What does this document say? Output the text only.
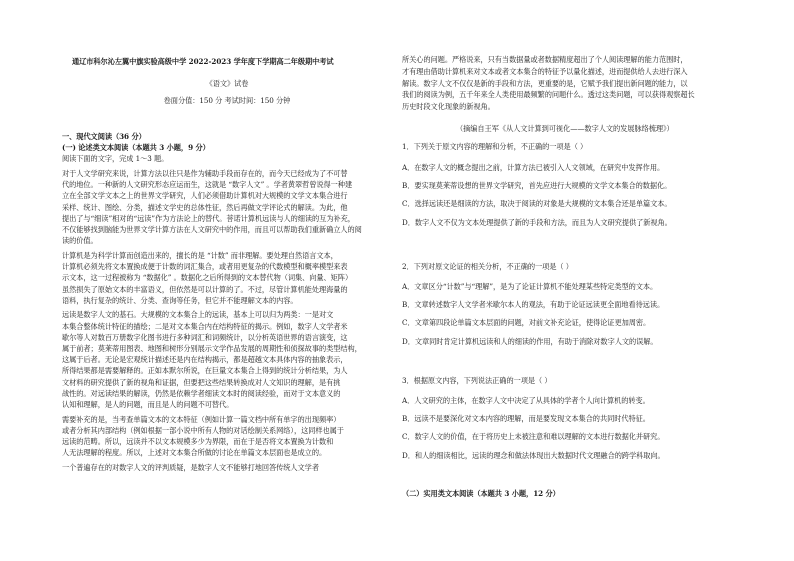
通辽市科尔沁左翼中旗实验高级中学 2022-2023 学年度下学期高二年级期中考试
《语文》试卷
卷面分值：150 分 考试时间：150 分钟
一、现代文阅读（36 分）
(一) 论述类文本阅读（本题共 3 小题，9 分）
阅读下面的文字，完成 1～3 题。
对于人文学研究来说，计算方法以往只是作为辅助手段而存在的，而今天已经成为了不可替
代的地位。一种新的人文研究形态应运而生，这就是 “数字人文” 。学者黄翠哲曾说得一种建
立在全部文学文本之上的世界文学研究，人们必须借助计算机对大规模的文学文本集合进行
采样、统计、图绘、分类，描述文学史的总体性征，然后再做文学评论式的解读。为此，他
提出了与“细读”相对的“远读”作为方法论上的替代。菩诺计算机远读与人的细读的互为补充，
不仅能够找到脑能为世界文学计算方法在人文研究中的作用，而且可以帮助我们重新确立人的阅
读的价值。
计算机是为科学计算而创造出来的，擅长的是 “计数” 而非理解。要处理自然语言文本，
计算机必须先将文本置换成便于计数的词汇集合，或者用更复杂的代数模型和概率模型来表
示文本，这一过程被称为 “数据化” 。数据化之后所得到的文本替代物（词集、向量、矩阵）
虽然损失了原始文本的丰富语义，但依然是可以计算的了。不过，尽管计算机能处理海量的
语料，执行复杂的统计、分类、查询等任务，但它并不能理解文本的内容。
远读是数字人文的基石。大规模的文本集合上的远读，基本上可以归为两类：一是对文
本集合整体统计特征的描绘；二是对文本集合内在结构特征的揭示。例如，数字人文学者米
歇尔等人对数百万册数字化图书进行多种词汇和词频统计，以分析英语世界的语言演变，这
属于前者；莫莱蒂用图表、地图和树形分别展示文学作品发展的周期性和侦探故事的类型结构，
这属于后者。无论是宏观统计描述还是内在结构揭示，都是超越文本具体内容的抽象表示，
所得结果都是需要解释的。正如本默尔所说，在巨量文本集合上得到的统计分析结果，为人
文材料的研究提供了新的视角和证据，但要把这些结果转换成对人文知识的理解，是有挑
战性的。对远读结果的解读，仍然是依赖学者细读文本时的阅读经验，而对于文本意义的
认知和理解，是人的问题，而且是人的问题不可替代。
需要补充的是，当考查单篇文本的文本特征（例如计算一篇文档中所有单字的出现频率）
或者分析其内部结构（例如根据一部小说中所有人物的对话绘制关系网络），这同样也属于
远读的范畴。所以，远读并不以文本规模多少为界限，而在于是否将文本置换为计数和
人无法理解的程度。所以，上述对文本集合所做的讨论在单篇文本层面也是成立的。
一个普遍存在的对数字人文的评判质疑，是数字人文不能够打地回答传统人文学者
所关心的问题。严格说来，只有当数据量或者数据精度超出了个人阅读理解的能力范围时，
才有理由借助计算机来对文本或者文本集合的特征予以量化描述，进而提供给人去进行深入
解读。数字人文不仅仅是新的手段和方法，更重要的是，它赋予我们提出新问题的能力，以
我们的阅读为例，五千年来全人类使用最频繁的问题什么。透过这类问题，可以获得观察超长
历史时段文化现象的新视角。
（摘编自王军《从人文计算到可视化——数字人文的发展脉络梳理》）
1．下列关于原文内容的理解和分析，不正确的一项是（ ）
A．在数字人文的概念提出之前，计算方法已被引入人文领域，在研究中发挥作用。
B．要实现莫莱蒂设想的世界文学研究，首先应进行大规模的文学文本集合的数据化。
C．选择远读还是细读的方法，取决于阅读的对象是大规模的文本集合还是单篇文本。
D．数字人文不仅为文本处理提供了新的手段和方法，而且为人文研究提供了新视角。
2．下列对原文论证的相关分析，不正确的一项是（ ）
A．文章区分“计数”与“理解”，是为了论证计算机不能处理某些特定类型的文本。
B．文章转述数字人文学者米歇尔本人的观法，有助于论证远读更全面地看待远读。
C．文章第四段论单篇文本层面的问题，对前文补充论证，使得论证更加周密。
D．文章同时肯定计算机远读和人的细读的作用，有助于消除对数字人文的误解。
3．根据原文内容，下列说法正确的一项是（ ）
A．人文研究的主体，在数字人文中决定了从具体的学者个人向计算机的转变。
B．远读不是要深化对文本内容的理解，而是要发现文本集合的共同时代特征。
C．数字人文的价值，在于将历史上未被注意和难以理解的文本进行数据化并研究。
D．和人的细读相比，远读的理念和做法体现出大数据时代文理融合的跨学科取向。
（二）实用类文本阅读（本题共 3 小题，12 分）
